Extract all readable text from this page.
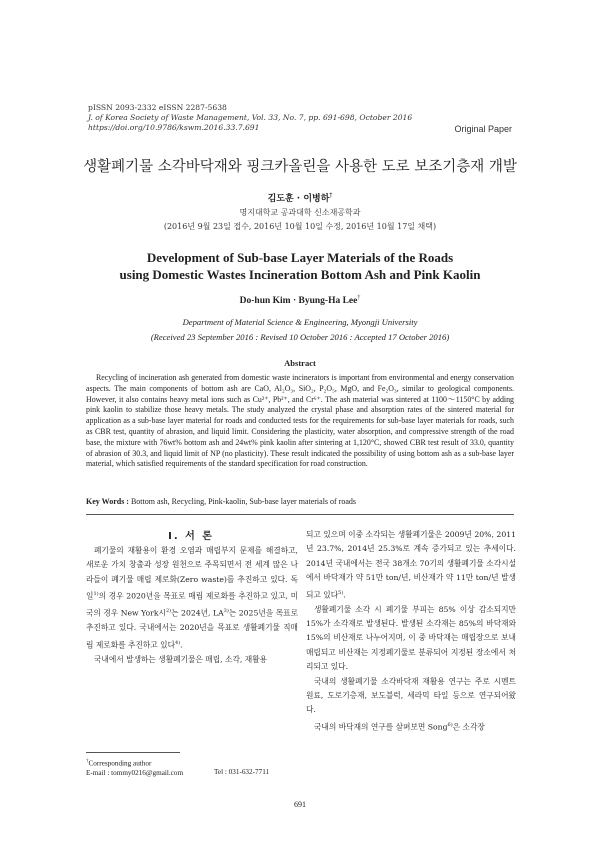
pISSN 2093-2332 eISSN 2287-5638
J. of Korea Society of Waste Management, Vol. 33, No. 7, pp. 691-698, October 2016
https://doi.org/10.9786/kswm.2016.33.7.691	Original Paper
생활폐기물 소각바닥재와 핑크카올린을 사용한 도로 보조기층재 개발
김도훈 · 이병하†
명지대학교 공과대학 신소재공학과
(2016년 9월 23일 접수, 2016년 10월 10일 수정, 2016년 10월 17일 채택)
Development of Sub-base Layer Materials of the Roads
using Domestic Wastes Incineration Bottom Ash and Pink Kaolin
Do-hun Kim · Byung-Ha Lee†
Department of Material Science & Engineering, Myongji University
(Received 23 September 2016 : Revised 10 October 2016 : Accepted 17 October 2016)
Abstract

Recycling of incineration ash generated from domestic waste incinerators is important from environmental and energy conservation aspects. The main components of bottom ash are CaO, Al₂O₃, SiO₂, P₂O₅, MgO, and Fe₂O₃, similar to geological components. However, it also contains heavy metal ions such as Cu²⁺, Pb²⁺, and Cr⁶⁺. The ash material was sintered at 1100～1150°C by adding pink kaolin to stabilize those heavy metals. The study analyzed the crystal phase and absorption rates of the sintered material for application as a sub-base layer material for roads and conducted tests for the requirements for sub-base layer materials for roads, such as CBR test, quantity of abrasion, and liquid limit. Considering the plasticity, water absorption, and compressive strength of the road base, the mixture with 76wt% bottom ash and 24wt% pink kaolin after sintering at 1,120°C, showed CBR test result of 33.0, quantity of abrasion of 30.3, and liquid limit of NP (no plasticity). These result indicated the possibility of using bottom ash as a sub-base layer material, which satisfied requirements of the standard specification for road construction.

Key Words : Bottom ash, Recycling, Pink-kaolin, Sub-base layer materials of roads
I. 서 론

폐기물의 재활용이 환경 오염과 매립부지 문제를 해결하고, 새로운 가치 창출과 성장 원천으로 주목되면서 전 세계 많은 나라들이 폐기물 매립 제로화(Zero waste)를 추진하고 있다. 독일$^{1)}$의 경우 2020년을 목표로 매립 제로화를 추진하고 있고, 미국의 경우 New York시$^{2)}$는 2024년, LA$^{3)}$는 2025년을 목표로 추진하고 있다. 국내에서는 2020년을 목표로 생활폐기물 직매립 제로화를 추진하고 있다$^{4)}$.

국내에서 발생하는 생활폐기물은 매립, 소각, 재활용

되고 있으며 이중 소각되는 생활폐기물은 2009년 20%, 2011년 23.7%, 2014년 25.3%로 계속 증가되고 있는 추세이다. 2014년 국내에서는 전국 38개소 70기의 생활폐기물 소각시설에서 바닥재가 약 51만 ton/년, 비산재가 약 11만 ton/년 발생되고 있다$^{5)}$.

생활폐기물 소각 시 폐기물 부피는 85% 이상 감소되지만 15%가 소각재로 발생된다. 발생된 소각재는 85%의 바닥재와 15%의 비산재로 나누어지며, 이 중 바닥재는 매립장으로 보내 매립되고 비산재는 지정폐기물로 분류되어 지정된 장소에서 처리되고 있다.

국내의 생활폐기물 소각바닥재 재활용 연구는 주로 시멘트 원료, 도로기층재, 보도블럭, 세라믹 타일 등으로 연구되어왔다.

국내의 바닥재의 연구를 살펴보면 Song$^{6)}$은 소각장

†Corresponding author
E-mail : tommy0216@gmail.com	Tel : 031-632-7711
691
